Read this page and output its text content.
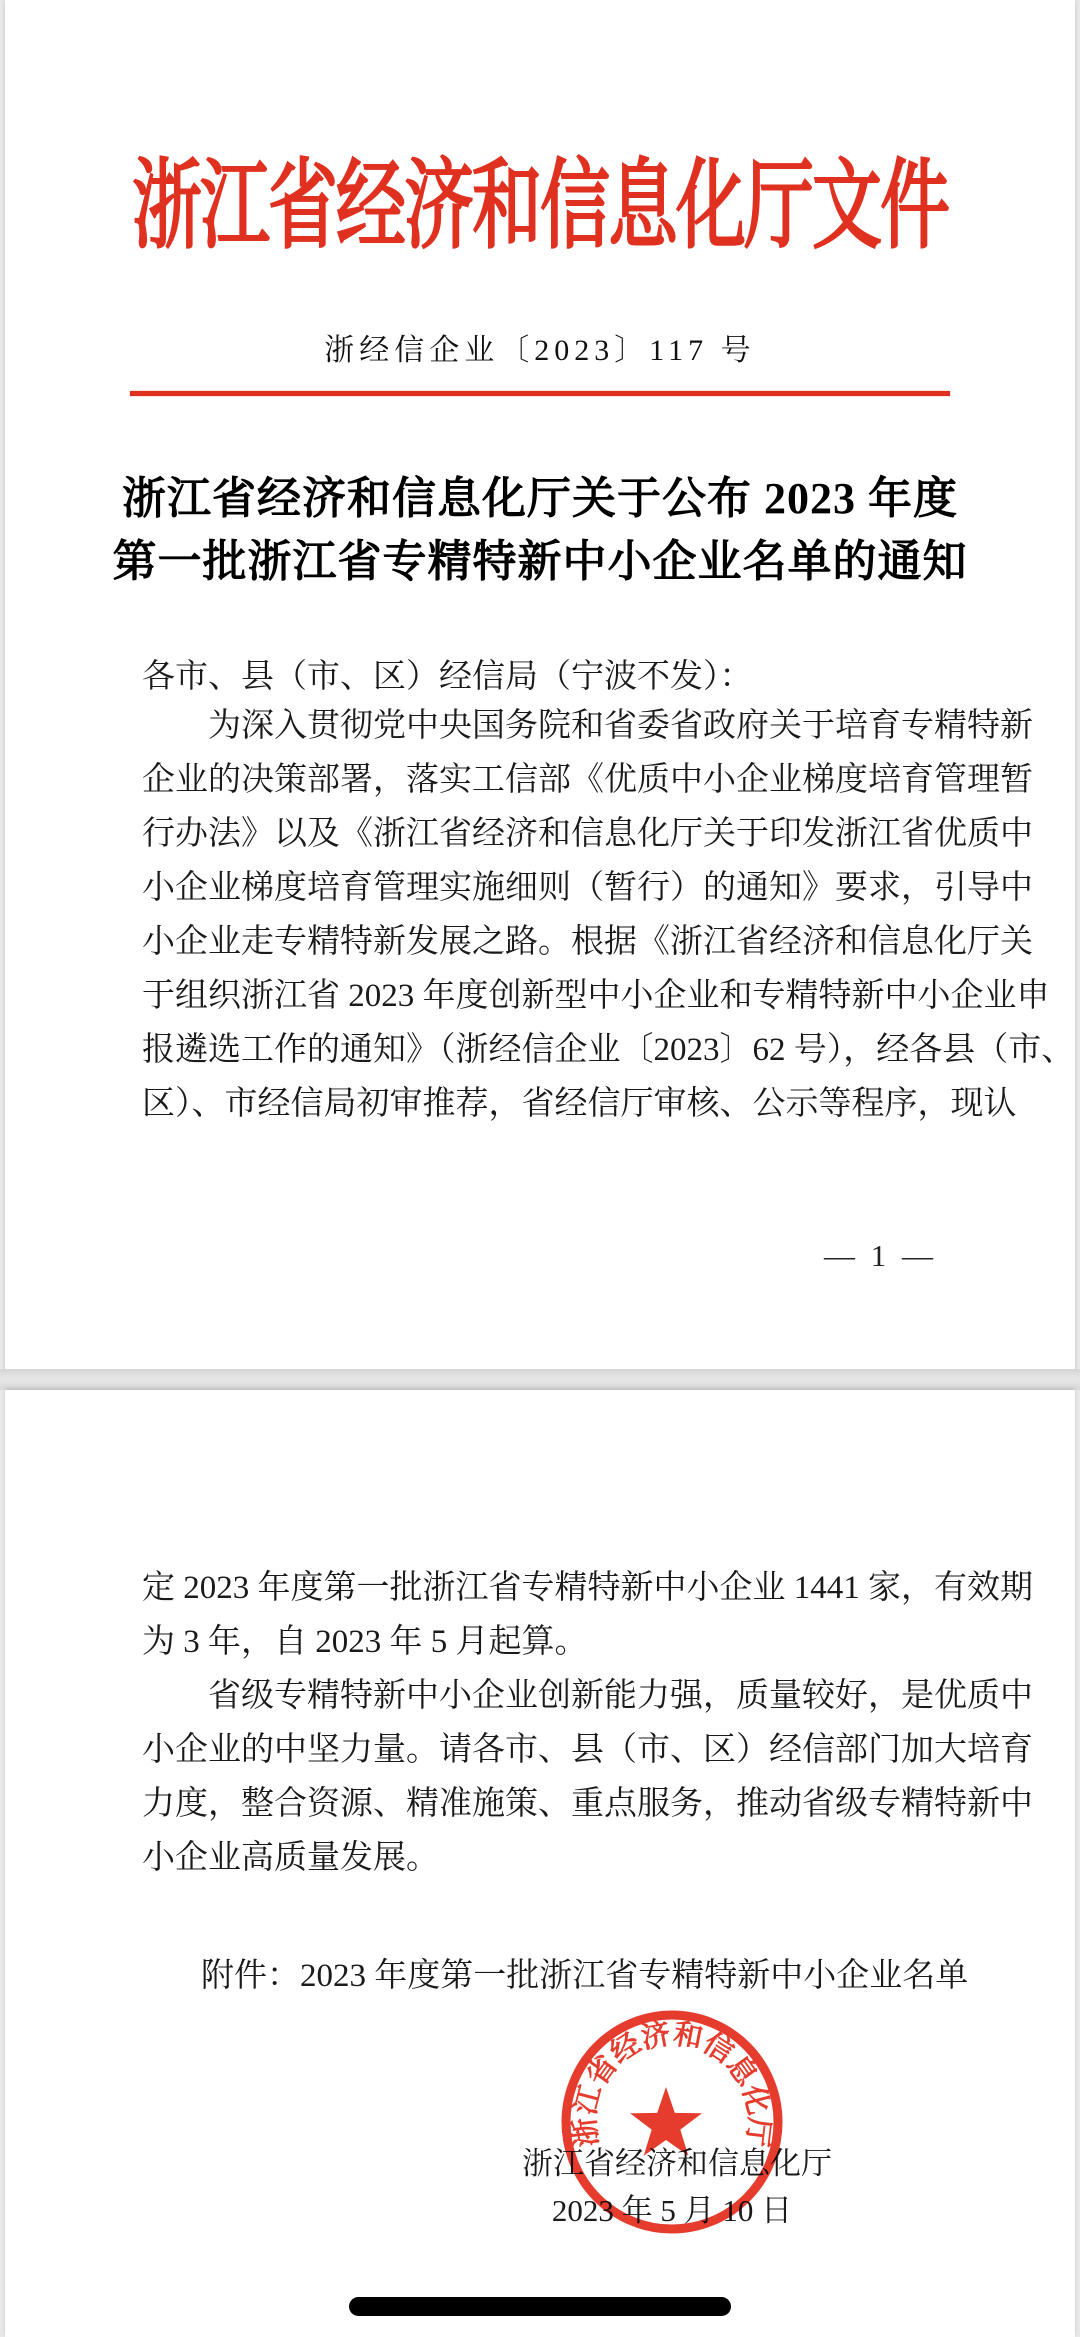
浙江省经济和信息化厅文件
浙经信企业〔2023〕117 号
浙江省经济和信息化厅关于公布 2023 年度
第一批浙江省专精特新中小企业名单的通知
各市、县（市、区）经信局（宁波不发）：
为深入贯彻党中央国务院和省委省政府关于培育专精特新
企业的决策部署，落实工信部《优质中小企业梯度培育管理暂
行办法》以及《浙江省经济和信息化厅关于印发浙江省优质中
小企业梯度培育管理实施细则（暂行）的通知》要求，引导中
小企业走专精特新发展之路。根据《浙江省经济和信息化厅关
于组织浙江省 2023 年度创新型中小企业和专精特新中小企业申
报遴选工作的通知》（浙经信企业〔2023〕62 号），经各县（市、
区）、市经信局初审推荐，省经信厅审核、公示等程序，现认
— 1 —
定 2023 年度第一批浙江省专精特新中小企业 1441 家，有效期
为 3 年，自 2023 年 5 月起算。
省级专精特新中小企业创新能力强，质量较好，是优质中
小企业的中坚力量。请各市、县（市、区）经信部门加大培育
力度，整合资源、精准施策、重点服务，推动省级专精特新中
小企业高质量发展。
附件：2023 年度第一批浙江省专精特新中小企业名单
浙江省经济和信息化厅
2023 年 5 月 10 日
浙江省经济和信息化厅
